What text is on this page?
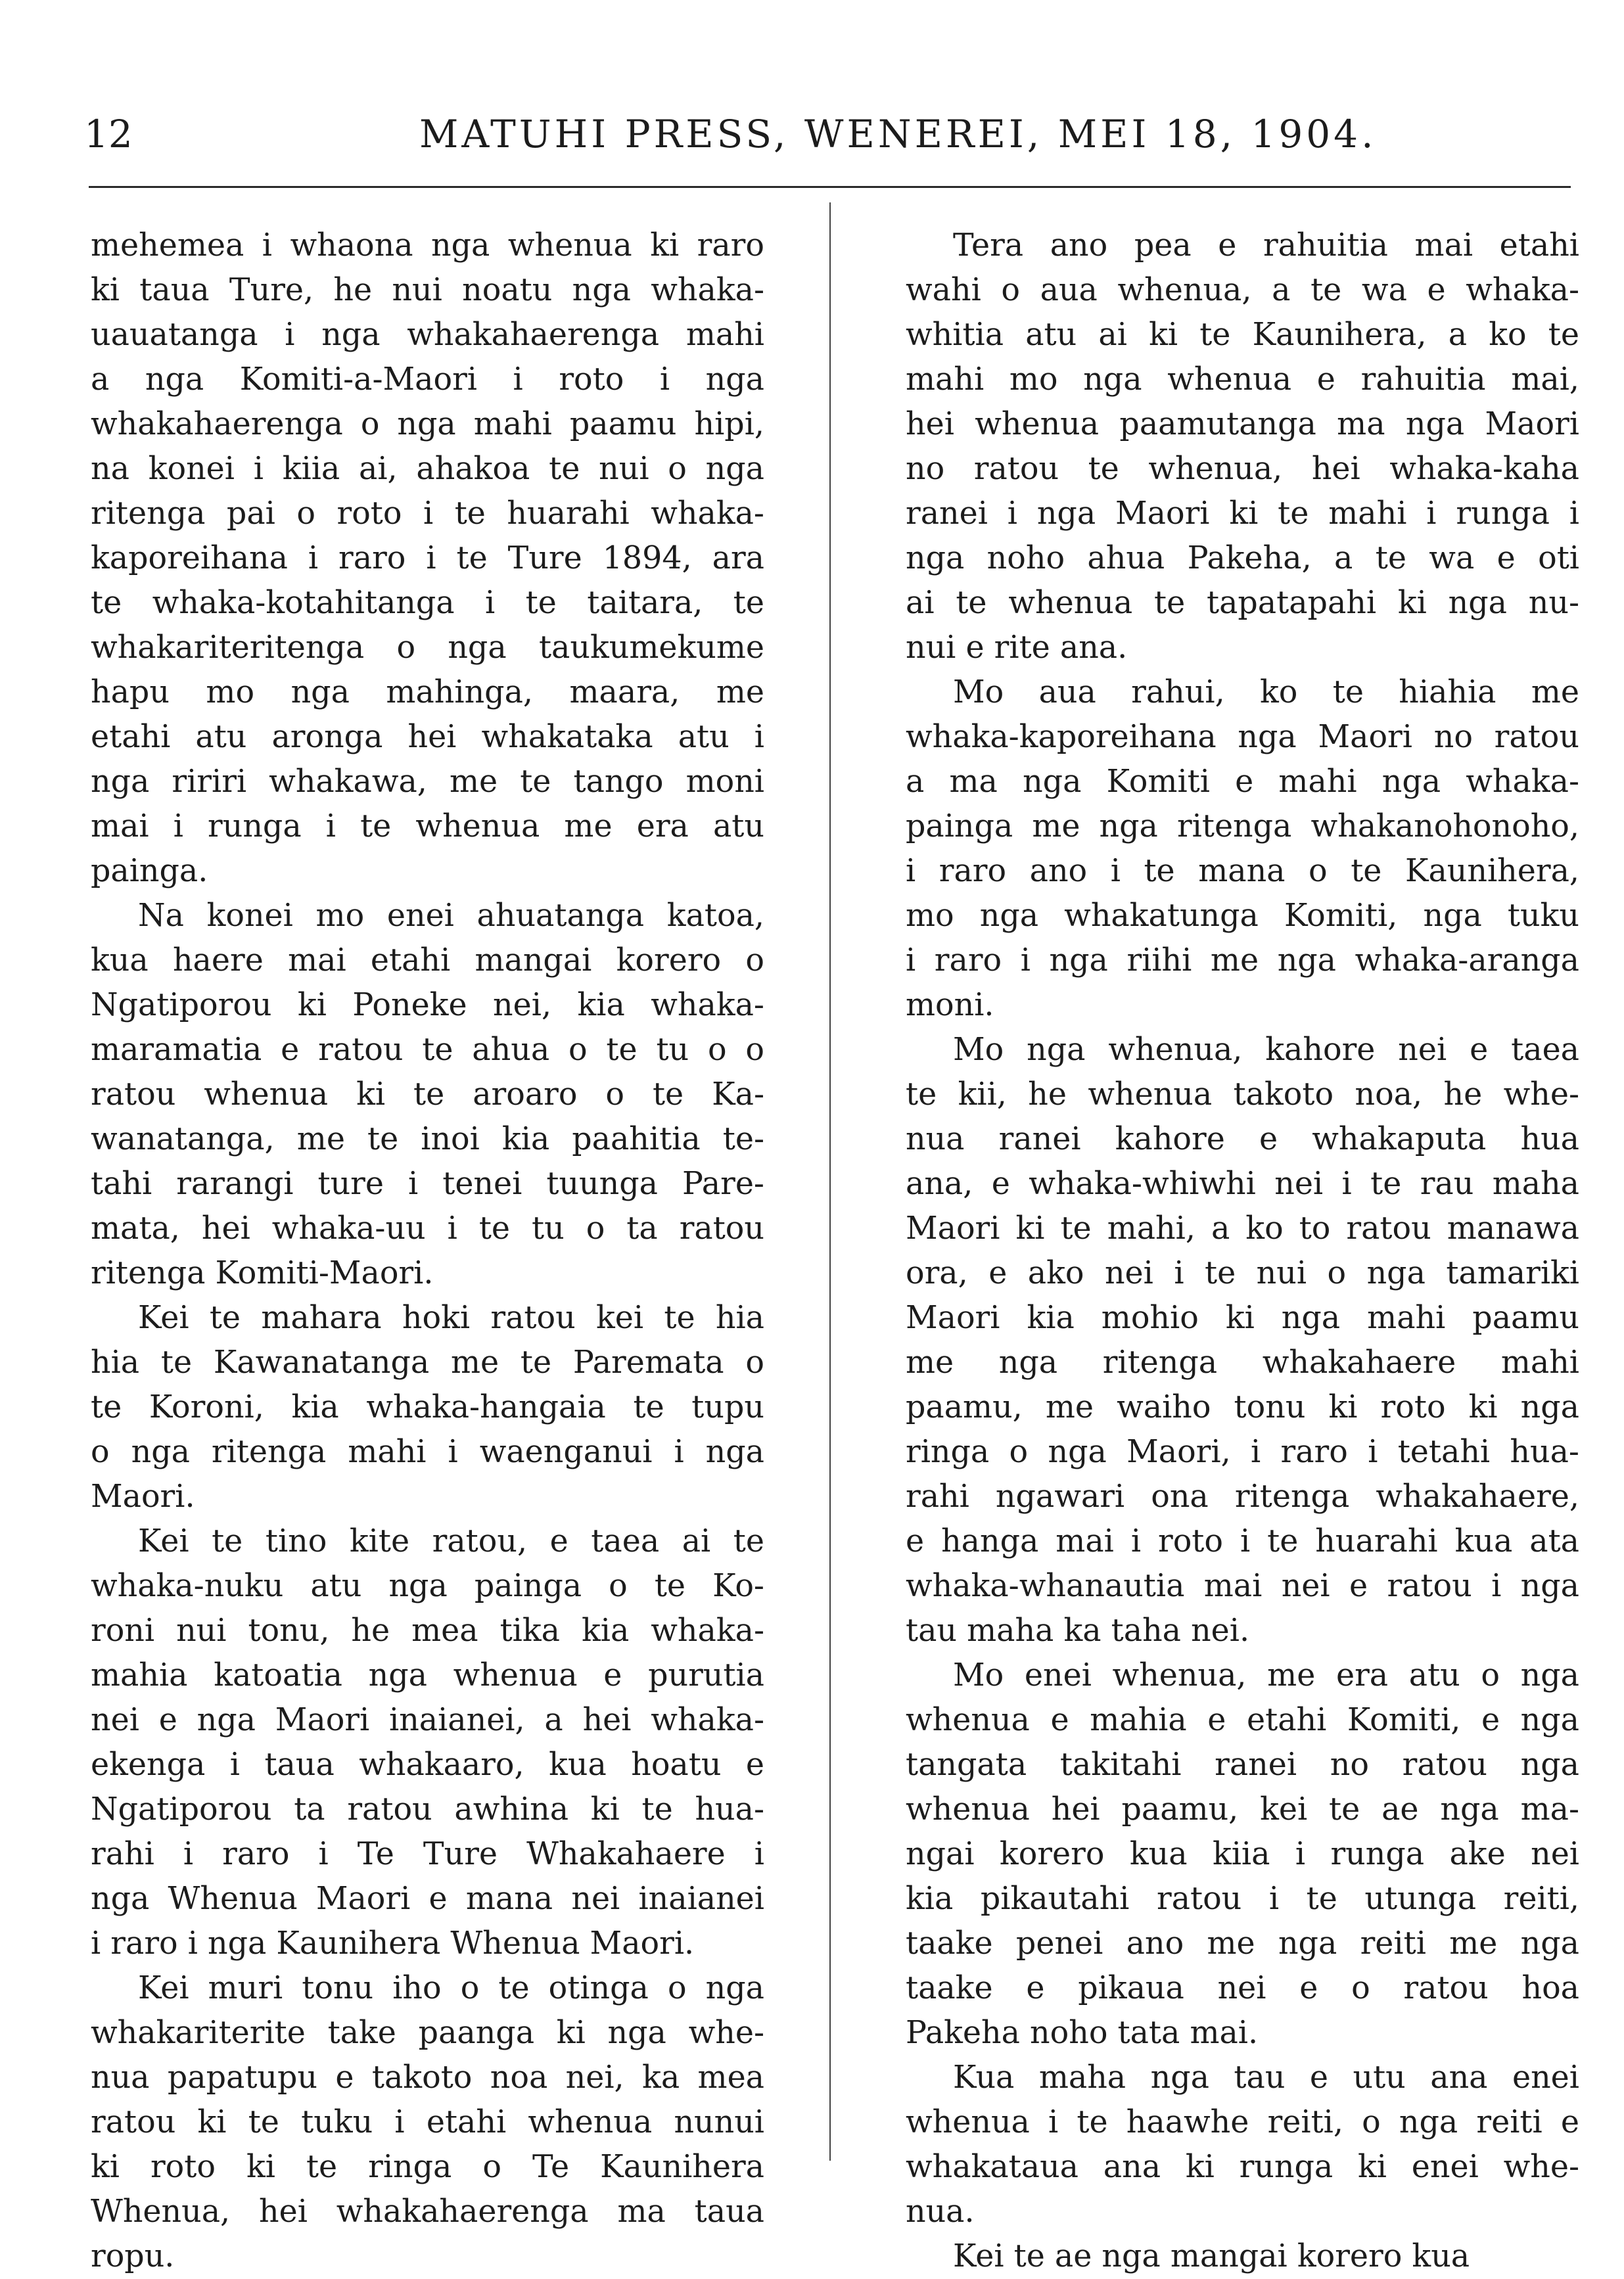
12	MATUHI PRESS, WENEREI, MEI 18, 1904.

mehemea i whaona nga whenua ki raro
ki taua Ture, he nui noatu nga whaka-
uauatanga i nga whakahaerenga mahi
a nga Komiti-a-Maori i roto i nga
whakahaerenga o nga mahi paamu hipi,
na konei i kiia ai, ahakoa te nui o nga
ritenga pai o roto i te huarahi whaka-
kaporeihana i raro i te Ture 1894, ara
te whaka-kotahitanga i te taitara, te
whakariteritenga o nga taukumekume
hapu mo nga mahinga, maara, me
etahi atu aronga hei whakataka atu i
nga ririri whakawa, me te tango moni
mai i runga i te whenua me era atu
painga.

Na konei mo enei ahuatanga katoa,
kua haere mai etahi mangai korero o
Ngatiporou ki Poneke nei, kia whaka-
maramatia e ratou te ahua o te tu o o
ratou whenua ki te aroaro o te Ka-
wanatanga, me te inoi kia paahitia te-
tahi rarangi ture i tenei tuunga Pare-
mata, hei whaka-uu i te tu o ta ratou
ritenga Komiti-Maori.

Kei te mahara hoki ratou kei te hia
hia te Kawanatanga me te Paremata o
te Koroni, kia whaka-hangaia te tupu
o nga ritenga mahi i waenganui i nga
Maori.

Kei te tino kite ratou, e taea ai te
whaka-nuku atu nga painga o te Ko-
roni nui tonu, he mea tika kia whaka-
mahia katoatia nga whenua e purutia
nei e nga Maori inaianei, a hei whaka-
ekenga i taua whakaaro, kua hoatu e
Ngatiporou ta ratou awhina ki te hua-
rahi i raro i Te Ture Whakahaere i
nga Whenua Maori e mana nei inaianei
i raro i nga Kaunihera Whenua Maori.

Kei muri tonu iho o te otinga o nga
whakariterite take paanga ki nga whe-
nua papatupu e takoto noa nei, ka mea
ratou ki te tuku i etahi whenua nunui
ki roto ki te ringa o Te Kaunihera
Whenua, hei whakahaerenga ma taua
ropu.

Tera ano pea e rahuitia mai etahi
wahi o aua whenua, a te wa e whaka-
whitia atu ai ki te Kaunihera, a ko te
mahi mo nga whenua e rahuitia mai,
hei whenua paamutanga ma nga Maori
no ratou te whenua, hei whaka-kaha
ranei i nga Maori ki te mahi i runga i
nga noho ahua Pakeha, a te wa e oti
ai te whenua te tapatapahi ki nga nu-
nui e rite ana.

Mo aua rahui, ko te hiahia me
whaka-kaporeihana nga Maori no ratou
a ma nga Komiti e mahi nga whaka-
painga me nga ritenga whakanohonoho,
i raro ano i te mana o te Kaunihera,
mo nga whakatunga Komiti, nga tuku
i raro i nga riihi me nga whaka-aranga
moni.

Mo nga whenua, kahore nei e taea
te kii, he whenua takoto noa, he whe-
nua ranei kahore e whakaputa hua
ana, e whaka-whiwhi nei i te rau maha
Maori ki te mahi, a ko to ratou manawa
ora, e ako nei i te nui o nga tamariki
Maori kia mohio ki nga mahi paamu
me nga ritenga whakahaere mahi
paamu, me waiho tonu ki roto ki nga
ringa o nga Maori, i raro i tetahi hua-
rahi ngawari ona ritenga whakahaere,
e hanga mai i roto i te huarahi kua ata
whaka-whanautia mai nei e ratou i nga
tau maha ka taha nei.

Mo enei whenua, me era atu o nga
whenua e mahia e etahi Komiti, e nga
tangata takitahi ranei no ratou nga
whenua hei paamu, kei te ae nga ma-
ngai korero kua kiia i runga ake nei
kia pikautahi ratou i te utunga reiti,
taake penei ano me nga reiti me nga
taake e pikaua nei e o ratou hoa
Pakeha noho tata mai.

Kua maha nga tau e utu ana enei
whenua i te haawhe reiti, o nga reiti e
whakataua ana ki runga ki enei whe-
nua.

Kei te ae nga mangai korero kua
